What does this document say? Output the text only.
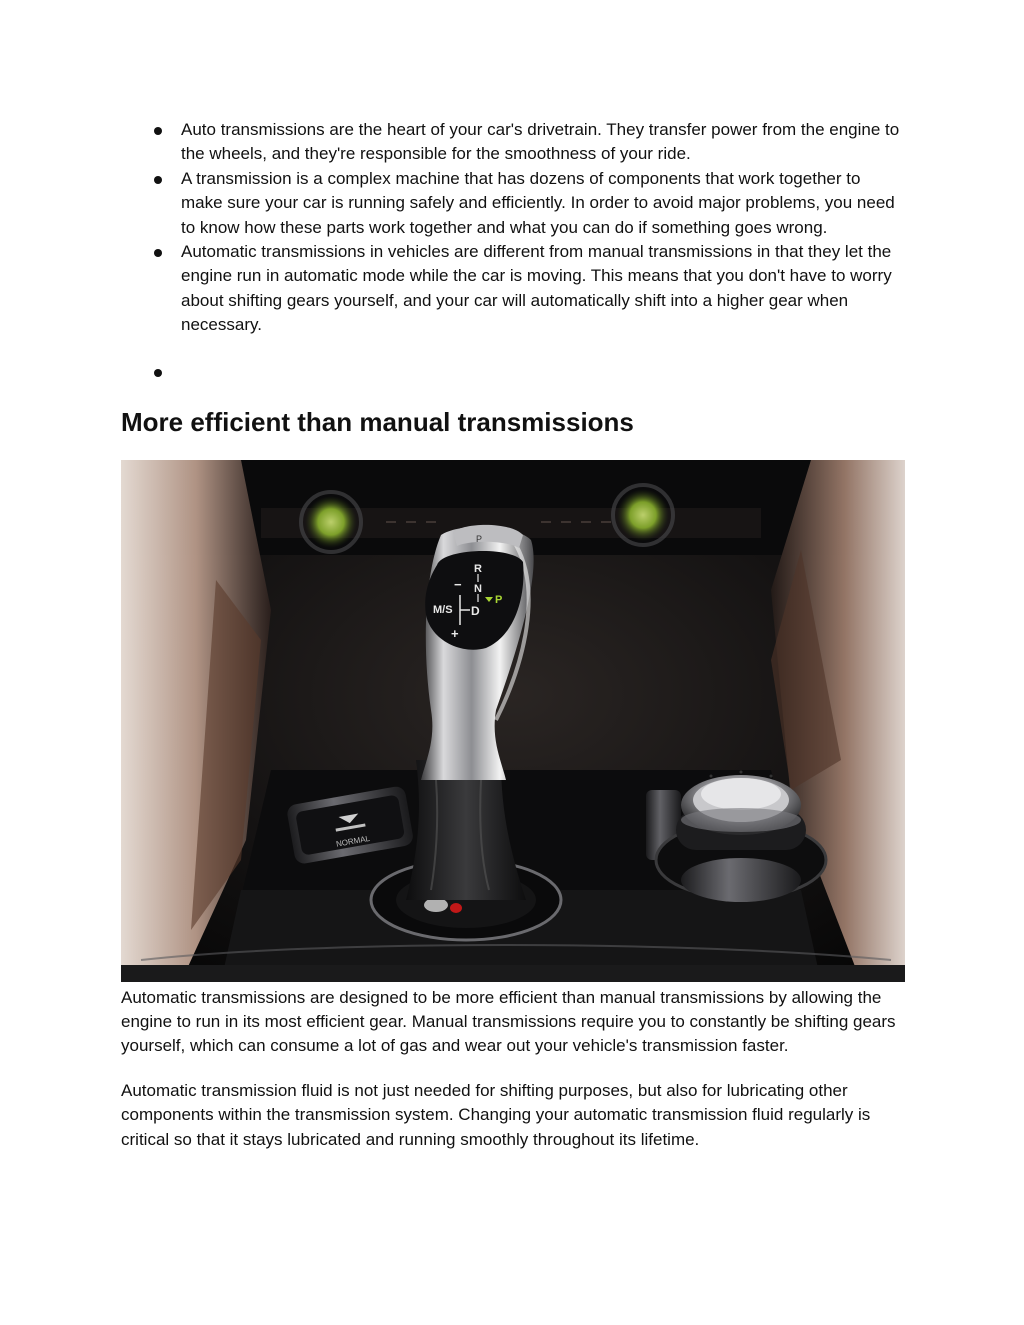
Auto transmissions are the heart of your car's drivetrain. They transfer power from the engine to the wheels, and they're responsible for the smoothness of your ride.
A transmission is a complex machine that has dozens of components that work together to make sure your car is running safely and efficiently. In order to avoid major problems, you need to know how these parts work together and what you can do if something goes wrong.
Automatic transmissions in vehicles are different from manual transmissions in that they let the engine run in automatic mode while the car is moving. This means that you don't have to worry about shifting gears yourself, and your car will automatically shift into a higher gear when necessary.
More efficient than manual transmissions
NORMAL
P
R
N
D
M/S
−
+
P

Automatic transmissions are designed to be more efficient than manual transmissions by allowing the engine to run in its most efficient gear. Manual transmissions require you to constantly be shifting gears yourself, which can consume a lot of gas and wear out your vehicle's transmission faster.

Automatic transmission fluid is not just needed for shifting purposes, but also for lubricating other components within the transmission system. Changing your automatic transmission fluid regularly is critical so that it stays lubricated and running smoothly throughout its lifetime.
